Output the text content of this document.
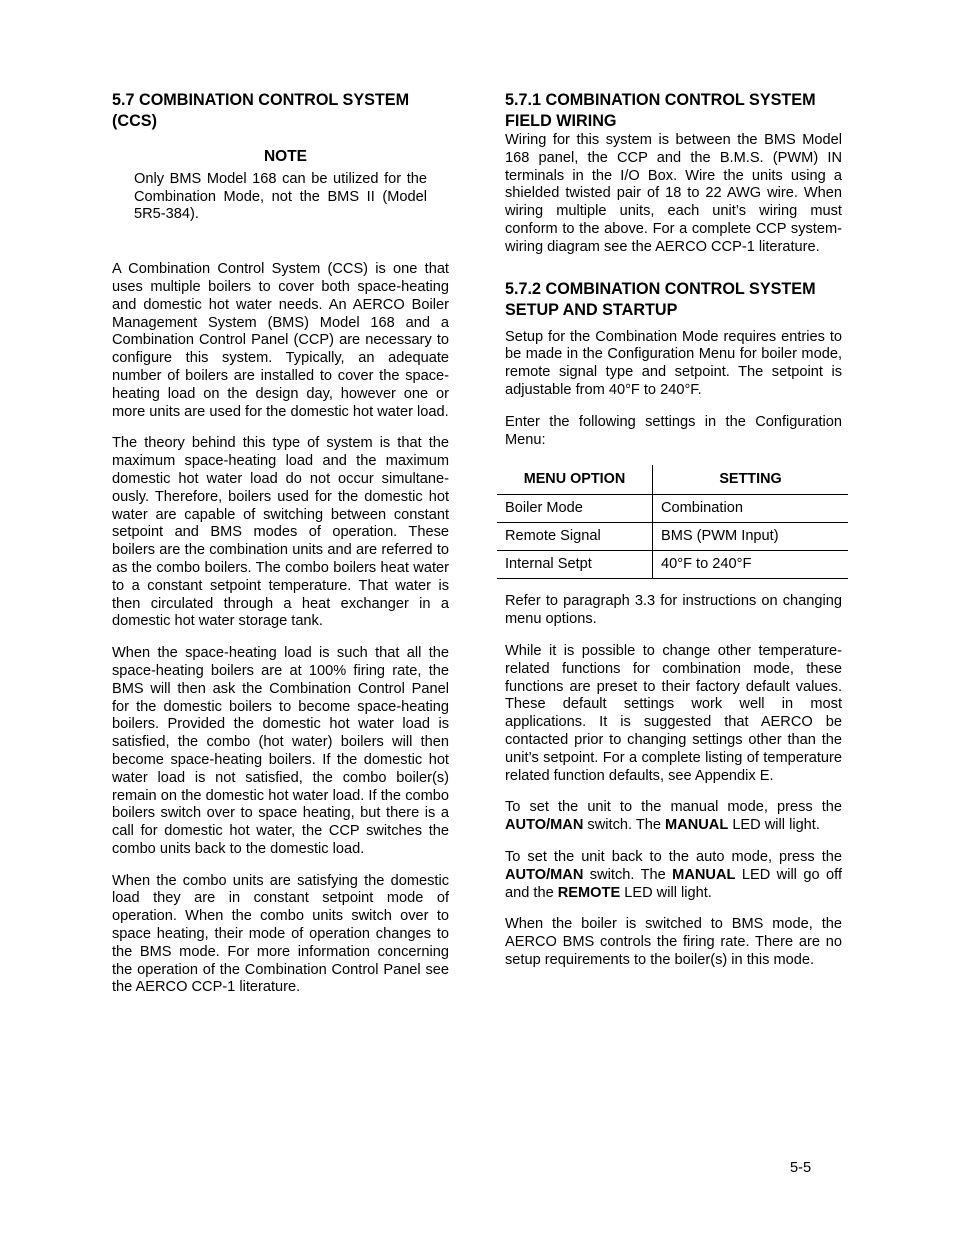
5.7 COMBINATION CONTROL SYSTEM (CCS)
NOTE
Only BMS Model 168 can be utilized for the Combination Mode, not the BMS II (Model 5R5-384).

A Combination Control System (CCS) is one that uses multiple boilers to cover both space-heating and domestic hot water needs. An AERCO Boiler Management System (BMS) Model 168 and a Combination Control Panel (CCP) are necessary to configure this system. Typically, an adequate number of boilers are installed to cover the space-heating load on the design day, however one or more units are used for the domestic hot water load.

The theory behind this type of system is that the maximum space-heating load and the maximum domestic hot water load do not occur simultane-ously. Therefore, boilers used for the domestic hot water are capable of switching between constant setpoint and BMS modes of operation. These boilers are the combination units and are referred to as the combo boilers. The combo boilers heat water to a constant setpoint temperature. That water is then circulated through a heat exchanger in a domestic hot water storage tank.

When the space-heating load is such that all the space-heating boilers are at 100% firing rate, the BMS will then ask the Combination Control Panel for the domestic boilers to become space-heating boilers. Provided the domestic hot water load is satisfied, the combo (hot water) boilers will then become space-heating boilers. If the domestic hot water load is not satisfied, the combo boiler(s) remain on the domestic hot water load. If the combo boilers switch over to space heating, but there is a call for domestic hot water, the CCP switches the combo units back to the domestic load.

When the combo units are satisfying the domestic load they are in constant setpoint mode of operation. When the combo units switch over to space heating, their mode of operation changes to the BMS mode. For more information concerning the operation of the Combination Control Panel see the AERCO CCP-1 literature.

5.7.1 COMBINATION CONTROL SYSTEM FIELD WIRING

Wiring for this system is between the BMS Model 168 panel, the CCP and the B.M.S. (PWM) IN terminals in the I/O Box. Wire the units using a shielded twisted pair of 18 to 22 AWG wire. When wiring multiple units, each unit’s wiring must conform to the above. For a complete CCP system-wiring diagram see the AERCO CCP-1 literature.

5.7.2 COMBINATION CONTROL SYSTEM SETUP AND STARTUP

Setup for the Combination Mode requires entries to be made in the Configuration Menu for boiler mode, remote signal type and setpoint. The setpoint is adjustable from 40°F to 240°F.

Enter the following settings in the Configuration Menu:

MENU OPTION	SETTING
Boiler Mode	Combination
Remote Signal	BMS (PWM Input)
Internal Setpt	40°F to 240°F

Refer to paragraph 3.3 for instructions on changing menu options.

While it is possible to change other temperature-related functions for combination mode, these functions are preset to their factory default values. These default settings work well in most applications. It is suggested that AERCO be contacted prior to changing settings other than the unit’s setpoint. For a complete listing of temperature related function defaults, see Appendix E.

To set the unit to the manual mode, press the AUTO/MAN switch. The MANUAL LED will light.

To set the unit back to the auto mode, press the AUTO/MAN switch. The MANUAL LED will go off and the REMOTE LED will light.

When the boiler is switched to BMS mode, the AERCO BMS controls the firing rate. There are no setup requirements to the boiler(s) in this mode.

5-5
